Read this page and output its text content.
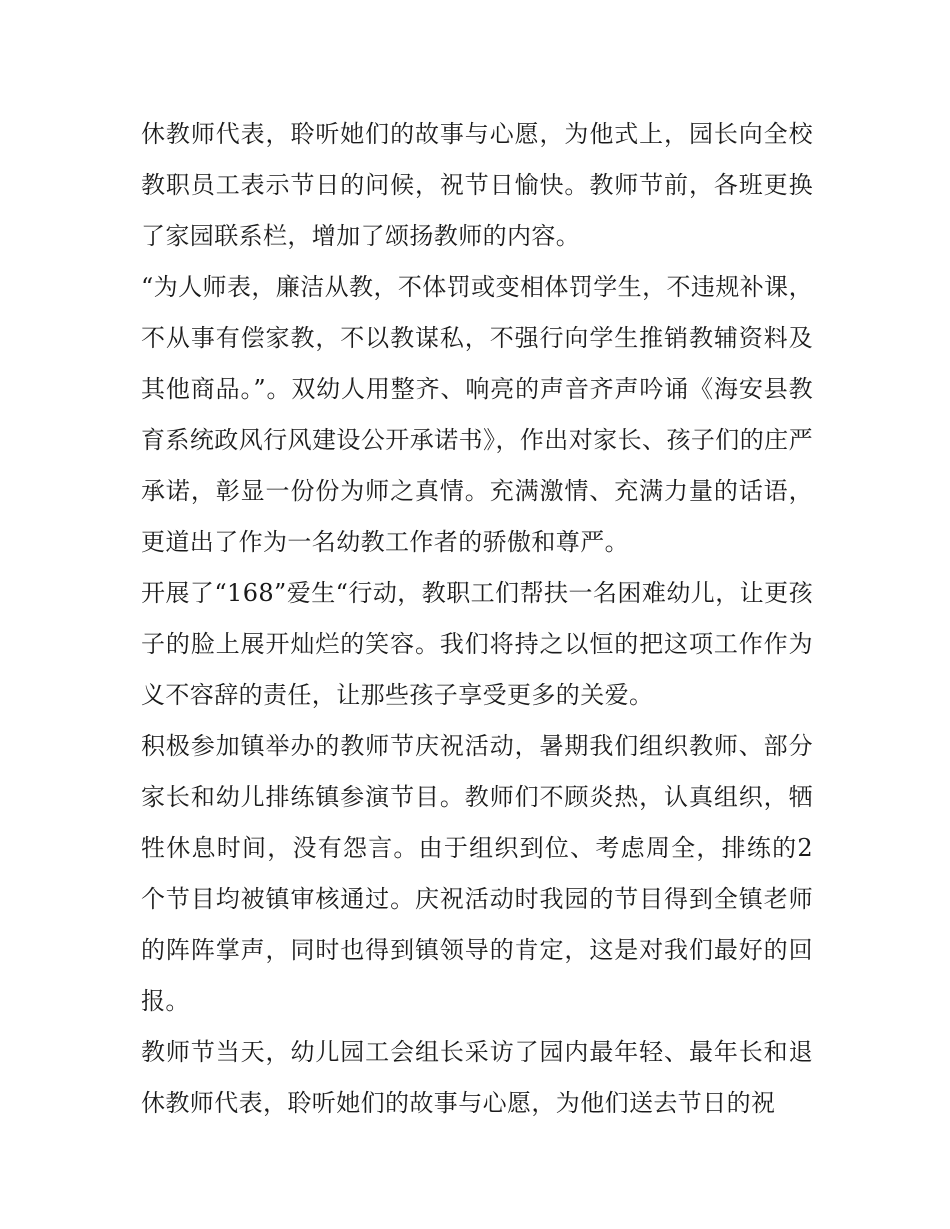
休教师代表，聆听她们的故事与心愿，为他式上，园长向全校教职员工表示节日的问候，祝节日愉快。教师节前，各班更换了家园联系栏，增加了颂扬教师的内容。

“为人师表，廉洁从教，不体罚或变相体罚学生，不违规补课，不从事有偿家教，不以教谋私，不强行向学生推销教辅资料及其他商品。”。双幼人用整齐、响亮的声音齐声吟诵《海安县教育系统政风行风建设公开承诺书》，作出对家长、孩子们的庄严承诺，彰显一份份为师之真情。充满激情、充满力量的话语，更道出了作为一名幼教工作者的骄傲和尊严。

开展了“168”爱生“行动，教职工们帮扶一名困难幼儿，让更孩子的脸上展开灿烂的笑容。我们将持之以恒的把这项工作作为义不容辞的责任，让那些孩子享受更多的关爱。

积极参加镇举办的教师节庆祝活动，暑期我们组织教师、部分家长和幼儿排练镇参演节目。教师们不顾炎热，认真组织，牺牲休息时间，没有怨言。由于组织到位、考虑周全，排练的2个节目均被镇审核通过。庆祝活动时我园的节目得到全镇老师的阵阵掌声，同时也得到镇领导的肯定，这是对我们最好的回报。

教师节当天，幼儿园工会组长采访了园内最年轻、最年长和退休教师代表，聆听她们的故事与心愿，为他们送去节日的祝
